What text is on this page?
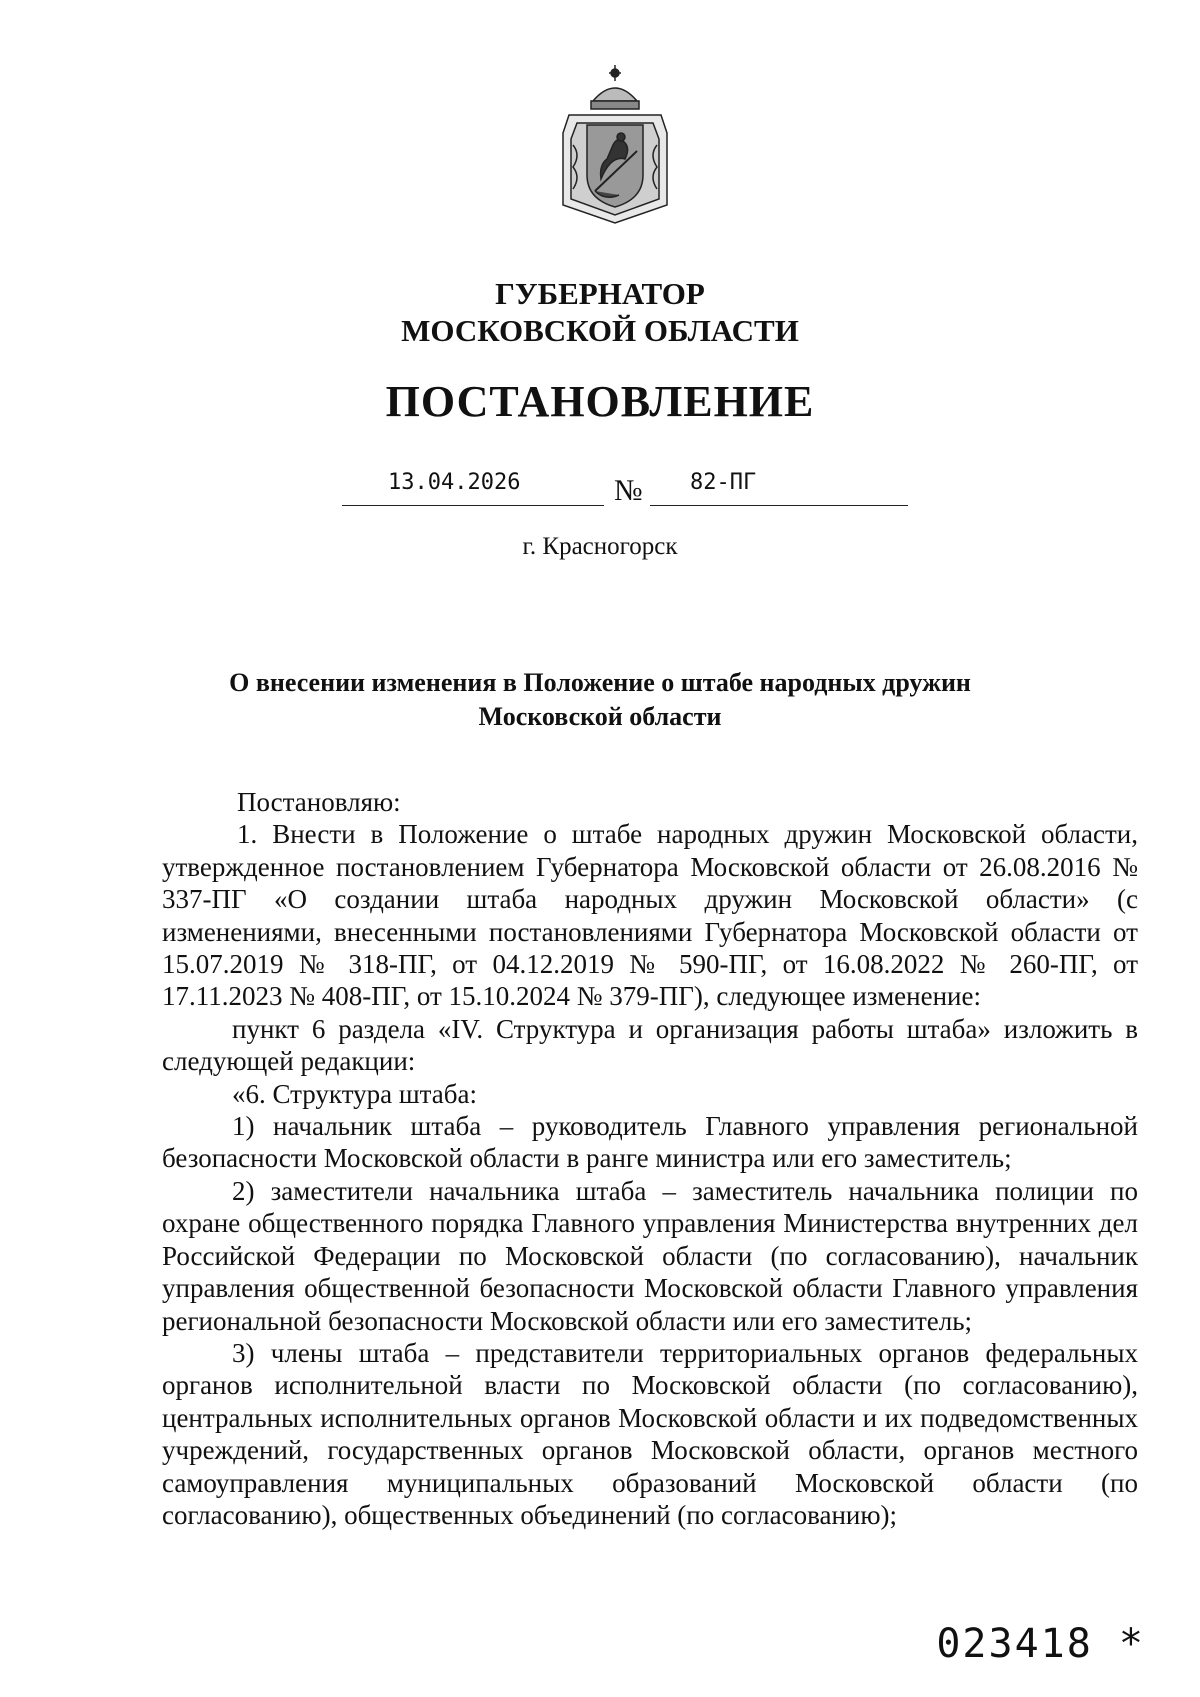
ГУБЕРНАТОР
МОСКОВСКОЙ ОБЛАСТИ
ПОСТАНОВЛЕНИЕ
13.04.2026	№ 82-ПГ
г. Красногорск
О внесении изменения в Положение о штабе народных дружин
Московской области

Постановляю:

1. Внести в Положение о штабе народных дружин Московской области, утвержденное постановлением Губернатора Московской области от 26.08.2016 № 337-ПГ «О создании штаба народных дружин Московской области» (с изменениями, внесенными постановлениями Губернатора Московской области от 15.07.2019 № 318-ПГ, от 04.12.2019 № 590-ПГ, от 16.08.2022 № 260-ПГ, от 17.11.2023 № 408-ПГ, от 15.10.2024 № 379-ПГ), следующее изменение:

пункт 6 раздела «IV. Структура и организация работы штаба» изложить в следующей редакции:

«6. Структура штаба:

1) начальник штаба – руководитель Главного управления региональной безопасности Московской области в ранге министра или его заместитель;

2) заместители начальника штаба – заместитель начальника полиции по охране общественного порядка Главного управления Министерства внутренних дел Российской Федерации по Московской области (по согласованию), начальник управления общественной безопасности Московской области Главного управления региональной безопасности Московской области или его заместитель;

3) члены штаба – представители территориальных органов федеральных органов исполнительной власти по Московской области (по согласованию), центральных исполнительных органов Московской области и их подведомственных учреждений, государственных органов Московской области, органов местного самоуправления муниципальных образований Московской области (по согласованию), общественных объединений (по согласованию);

023418 *
